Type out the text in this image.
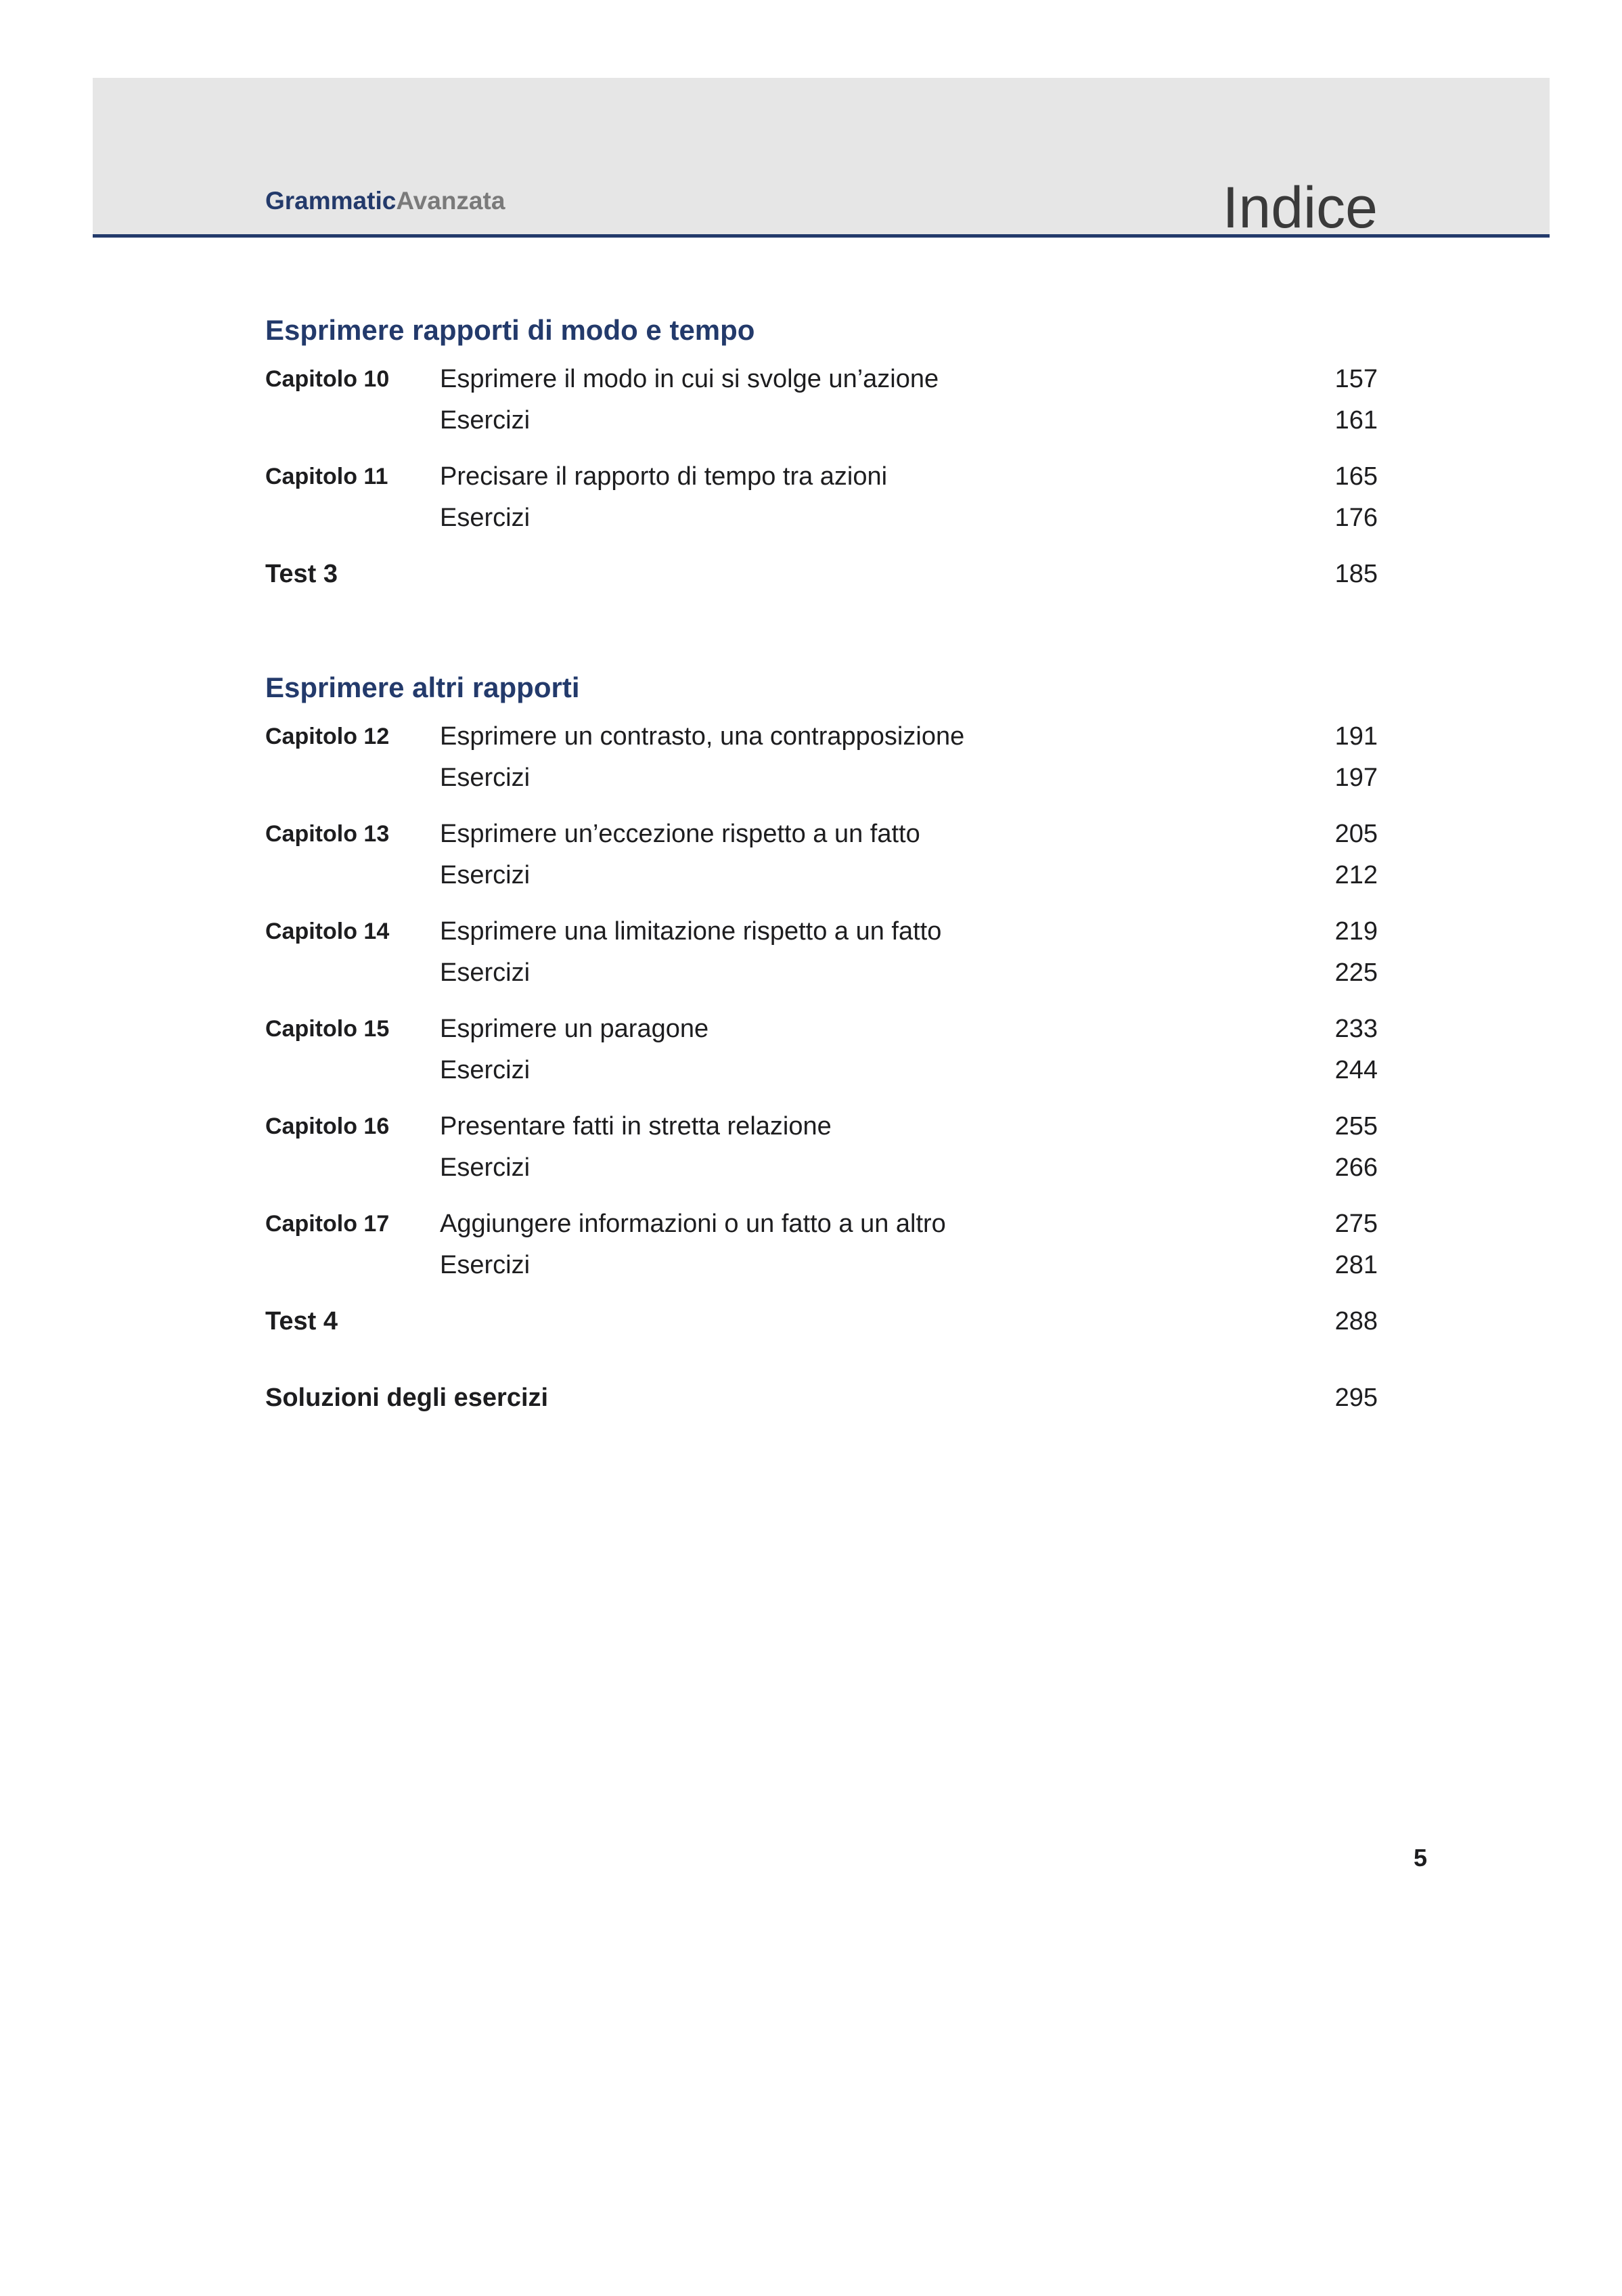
GrammaticAvanzata	Indice
Esprimere rapporti di modo e tempo
Capitolo 10 Esprimere il modo in cui si svolge un’azione	157
Esercizi	161
Capitolo 11 Precisare il rapporto di tempo tra azioni	165
Esercizi	176
Test 3	185
Esprimere altri rapporti
Capitolo 12 Esprimere un contrasto, una contrapposizione	191
Esercizi	197
Capitolo 13 Esprimere un’eccezione rispetto a un fatto	205
Esercizi	212
Capitolo 14 Esprimere una limitazione rispetto a un fatto	219
Esercizi	225
Capitolo 15 Esprimere un paragone	233
Esercizi	244
Capitolo 16 Presentare fatti in stretta relazione	255
Esercizi	266
Capitolo 17 Aggiungere informazioni o un fatto a un altro	275
Esercizi	281
Test 4	288
Soluzioni degli esercizi	295
5
